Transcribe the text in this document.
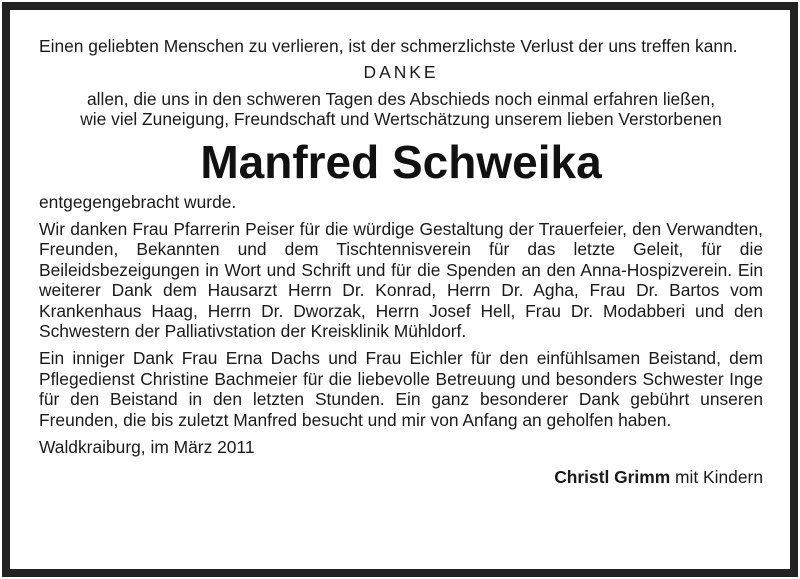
Einen geliebten Menschen zu verlieren, ist der schmerzlichste Verlust der uns treffen kann.
DANKE
allen, die uns in den schweren Tagen des Abschieds noch einmal erfahren ließen,
wie viel Zuneigung, Freundschaft und Wertschätzung unserem lieben Verstorbenen
Manfred Schweika
entgegengebracht wurde.
Wir danken Frau Pfarrerin Peiser für die würdige Gestaltung der Trauerfeier, den Verwandten, Freunden, Bekannten und dem Tischtennisverein für das letzte Geleit, für die Beileidsbezeigungen in Wort und Schrift und für die Spenden an den Anna-Hospizverein. Ein weiterer Dank dem Hausarzt Herrn Dr. Konrad, Herrn Dr. Agha, Frau Dr. Bartos vom Krankenhaus Haag, Herrn Dr. Dworzak, Herrn Josef Hell, Frau Dr. Modabberi und den Schwestern der Palliativstation der Kreisklinik Mühldorf.
Ein inniger Dank Frau Erna Dachs und Frau Eichler für den einfühlsamen Beistand, dem Pflegedienst Christine Bachmeier für die liebevolle Betreuung und besonders Schwester Inge für den Beistand in den letzten Stunden. Ein ganz besonderer Dank gebührt unseren Freunden, die bis zuletzt Manfred besucht und mir von Anfang an geholfen haben.
Waldkraiburg, im März 2011
Christl Grimm mit Kindern
